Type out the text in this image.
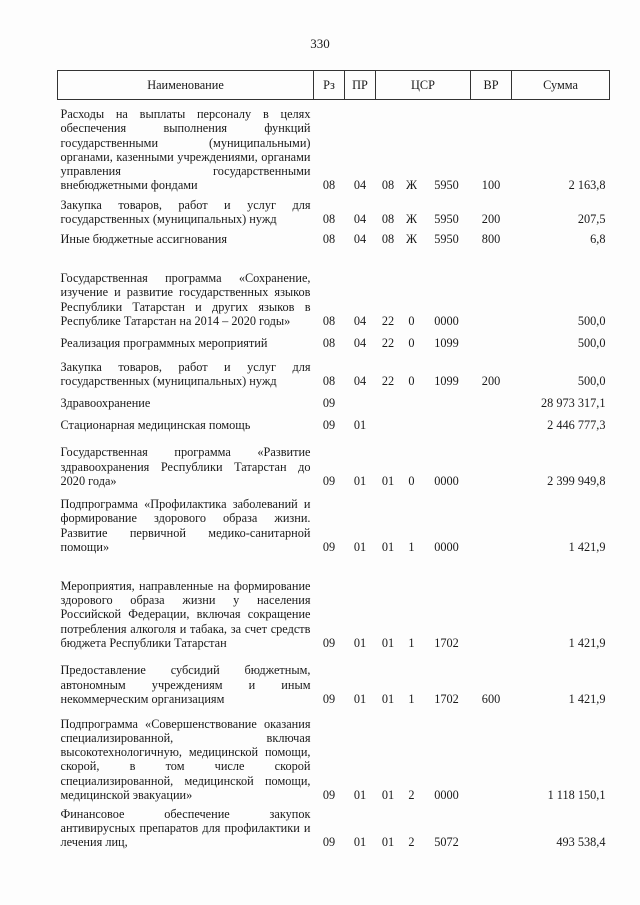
330
Наименование	Рз	ПР	ЦСР			ВР	Сумма
Расходы на выплаты персоналу в целях обеспечения выполнения функций государственными (муниципальными) органами, казенными учреждениями, органами управления государственными внебюджетными фондами	08	04	08	Ж	5950	100	2 163,8
Закупка товаров, работ и услуг для государственных (муниципальных) нужд	08	04	08	Ж	5950	200	207,5
Иные бюджетные ассигнования	08	04	08	Ж	5950	800	6,8
Государственная программа «Сохранение, изучение и развитие государственных языков Республики Татарстан и других языков в Республике Татарстан на 2014 – 2020 годы»	08	04	22	0	0000		500,0
Реализация программных мероприятий	08	04	22	0	1099		500,0
Закупка товаров, работ и услуг для государственных (муниципальных) нужд	08	04	22	0	1099	200	500,0
Здравоохранение	09						28 973 317,1
Стационарная медицинская помощь	09	01					2 446 777,3
Государственная программа «Развитие здравоохранения Республики Татарстан до 2020 года»	09	01	01	0	0000		2 399 949,8
Подпрограмма «Профилактика заболеваний и формирование здорового образа жизни. Развитие первичной медико-санитарной помощи»	09	01	01	1	0000		1 421,9
Мероприятия, направленные на формирование здорового образа жизни у населения Российской Федерации, включая сокращение потребления алкоголя и табака, за счет средств бюджета Республики Татарстан	09	01	01	1	1702		1 421,9
Предоставление субсидий бюджетным, автономным учреждениям и иным некоммерческим организациям	09	01	01	1	1702	600	1 421,9
Подпрограмма «Совершенствование оказания специализированной, включая высокотехнологичную, медицинской помощи, скорой, в том числе скорой специализированной, медицинской помощи, медицинской эвакуации»	09	01	01	2	0000		1 118 150,1
Финансовое обеспечение закупок антивирусных препаратов для профилактики и лечения лиц,	09	01	01	2	5072		493 538,4
